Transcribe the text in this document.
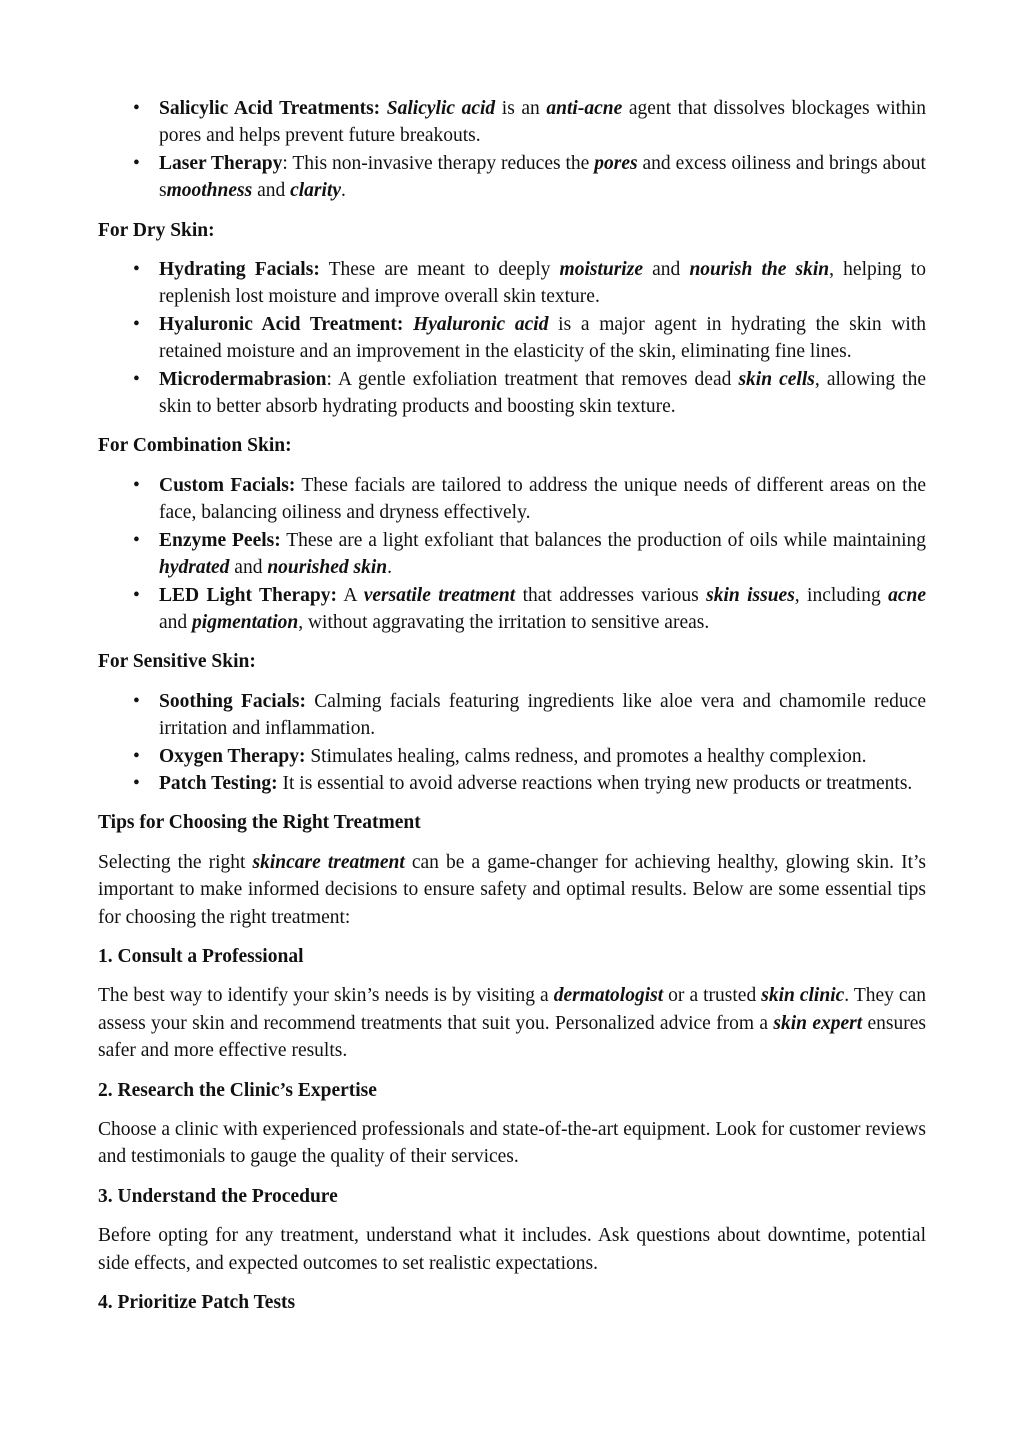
• Salicylic Acid Treatments: Salicylic acid is an anti-acne agent that dissolves blockages within pores and helps prevent future breakouts.
• Laser Therapy: This non-invasive therapy reduces the pores and excess oiliness and brings about smoothness and clarity.

For Dry Skin:

• Hydrating Facials: These are meant to deeply moisturize and nourish the skin, helping to replenish lost moisture and improve overall skin texture.
• Hyaluronic Acid Treatment: Hyaluronic acid is a major agent in hydrating the skin with retained moisture and an improvement in the elasticity of the skin, eliminating fine lines.
• Microdermabrasion: A gentle exfoliation treatment that removes dead skin cells, allowing the skin to better absorb hydrating products and boosting skin texture.

For Combination Skin:

• Custom Facials: These facials are tailored to address the unique needs of different areas on the face, balancing oiliness and dryness effectively.
• Enzyme Peels: These are a light exfoliant that balances the production of oils while maintaining hydrated and nourished skin.
• LED Light Therapy: A versatile treatment that addresses various skin issues, including acne and pigmentation, without aggravating the irritation to sensitive areas.

For Sensitive Skin:

• Soothing Facials: Calming facials featuring ingredients like aloe vera and chamomile reduce irritation and inflammation.
• Oxygen Therapy: Stimulates healing, calms redness, and promotes a healthy complexion.
• Patch Testing: It is essential to avoid adverse reactions when trying new products or treatments.

Tips for Choosing the Right Treatment

Selecting the right skincare treatment can be a game-changer for achieving healthy, glowing skin. It’s important to make informed decisions to ensure safety and optimal results. Below are some essential tips for choosing the right treatment:

1. Consult a Professional

The best way to identify your skin’s needs is by visiting a dermatologist or a trusted skin clinic. They can assess your skin and recommend treatments that suit you. Personalized advice from a skin expert ensures safer and more effective results.

2. Research the Clinic’s Expertise

Choose a clinic with experienced professionals and state-of-the-art equipment. Look for customer reviews and testimonials to gauge the quality of their services.

3. Understand the Procedure

Before opting for any treatment, understand what it includes. Ask questions about downtime, potential side effects, and expected outcomes to set realistic expectations.

4. Prioritize Patch Tests
